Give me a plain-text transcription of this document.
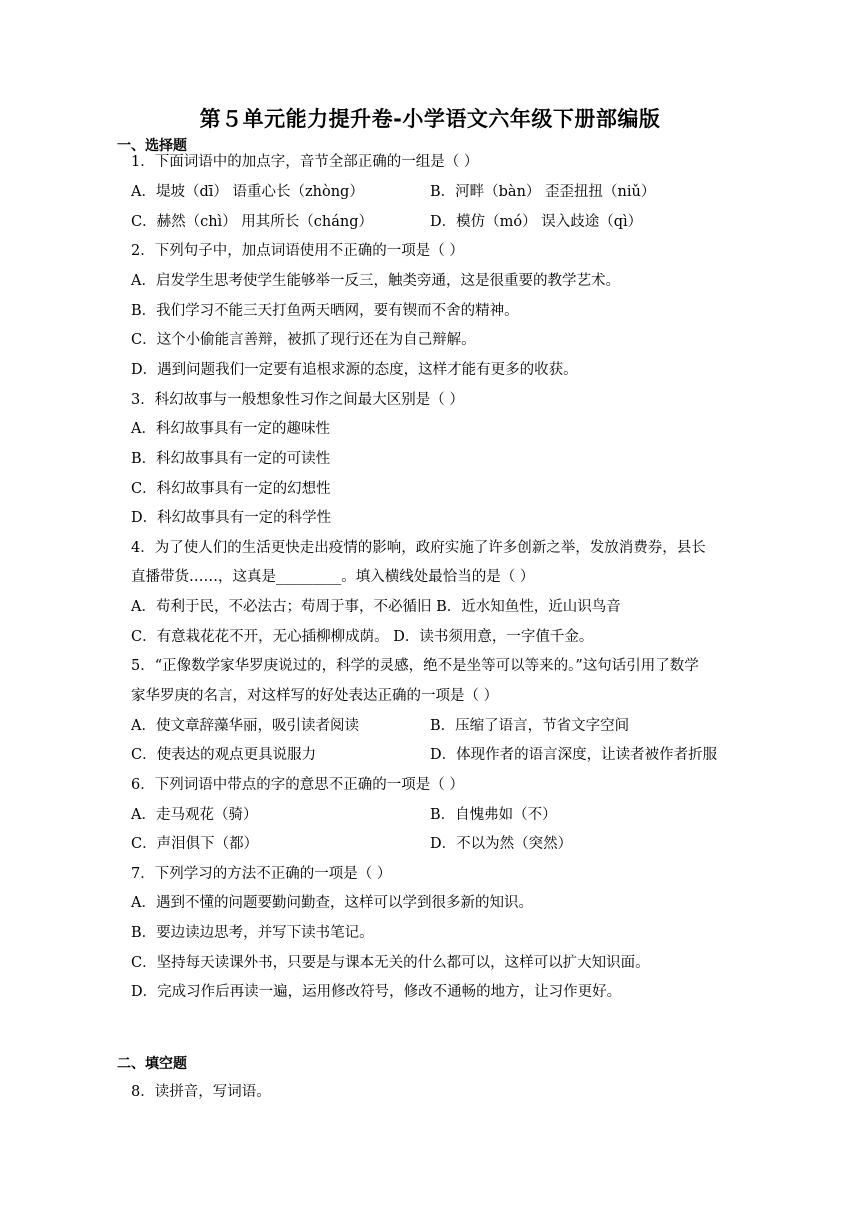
第５单元能力提升卷-小学语文六年级下册部编版
一、选择题
1．下面词语中的加点字，音节全部正确的一组是（ ）
A．堤坡（dī） 语重心长（zhòng）	B．河畔（bàn） 歪歪扭扭（niǔ）
C．赫然（chì） 用其所长（cháng）	D．模仿（mó） 误入歧途（qì）
2．下列句子中，加点词语使用不正确的一项是（ ）
A．启发学生思考使学生能够举一反三，触类旁通，这是很重要的教学艺术。
B．我们学习不能三天打鱼两天晒网，要有锲而不舍的精神。
C．这个小偷能言善辩，被抓了现行还在为自己辩解。
D．遇到问题我们一定要有追根求源的态度，这样才能有更多的收获。
3．科幻故事与一般想象性习作之间最大区别是（ ）
A．科幻故事具有一定的趣味性
B．科幻故事具有一定的可读性
C．科幻故事具有一定的幻想性
D．科幻故事具有一定的科学性
4．为了使人们的生活更快走出疫情的影响，政府实施了许多创新之举，发放消费券，县长
直播带货……，这真是_________。填入横线处最恰当的是（ ）
A．苟利于民，不必法古；苟周于事，不必循旧 B．近水知鱼性，近山识鸟音
C．有意栽花花不开，无心插柳柳成荫。 D．读书须用意，一字值千金。
5．“正像数学家华罗庚说过的，科学的灵感，绝不是坐等可以等来的。”这句话引用了数学
家华罗庚的名言，对这样写的好处表达正确的一项是（ ）
A．使文章辞藻华丽，吸引读者阅读	B．压缩了语言，节省文字空间
C．使表达的观点更具说服力	D．体现作者的语言深度，让读者被作者折服
6．下列词语中带点的字的意思不正确的一项是（ ）
A．走马观花（骑）	B．自愧弗如（不）
C．声泪俱下（都）	D．不以为然（突然）
7．下列学习的方法不正确的一项是（ ）
A．遇到不懂的问题要勤问勤查，这样可以学到很多新的知识。
B．要边读边思考，并写下读书笔记。
C．坚持每天读课外书，只要是与课本无关的什么都可以，这样可以扩大知识面。
D．完成习作后再读一遍，运用修改符号，修改不通畅的地方，让习作更好。
二、填空题
8．读拼音，写词语。
